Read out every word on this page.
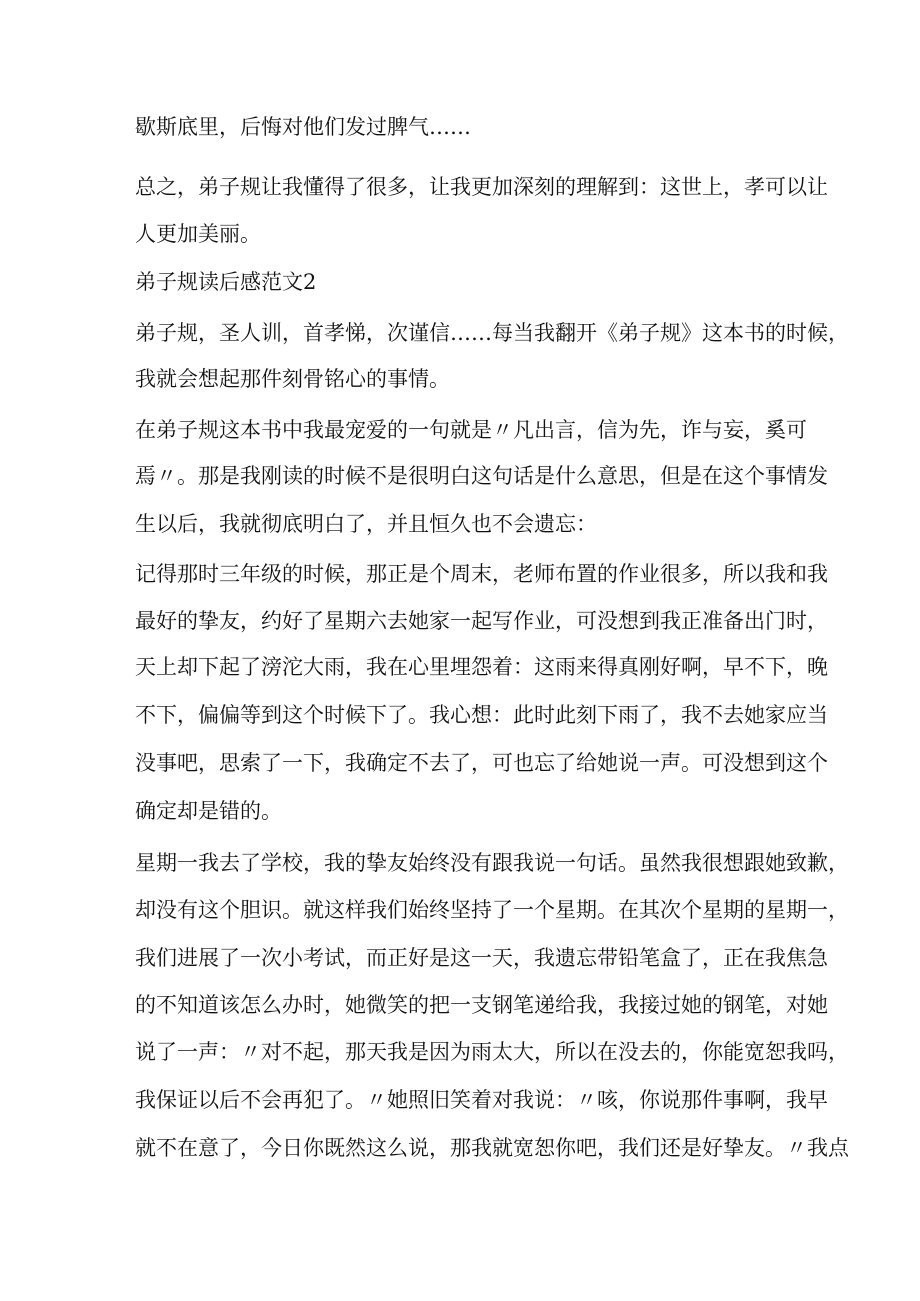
歇斯底里，后悔对他们发过脾气……

总之，弟子规让我懂得了很多，让我更加深刻的理解到：这世上，孝可以让

人更加美丽。

弟子规读后感范文2

弟子规，圣人训，首孝悌，次谨信……每当我翻开《弟子规》这本书的时候，

我就会想起那件刻骨铭心的事情。

在弟子规这本书中我最宠爱的一句就是〃凡出言，信为先，诈与妄，奚可

焉〃。那是我刚读的时候不是很明白这句话是什么意思，但是在这个事情发

生以后，我就彻底明白了，并且恒久也不会遗忘：

记得那时三年级的时候，那正是个周末，老师布置的作业很多，所以我和我

最好的挚友，约好了星期六去她家一起写作业，可没想到我正准备出门时，

天上却下起了滂沱大雨，我在心里埋怨着：这雨来得真刚好啊，早不下，晚

不下，偏偏等到这个时候下了。我心想：此时此刻下雨了，我不去她家应当

没事吧，思索了一下，我确定不去了，可也忘了给她说一声。可没想到这个

确定却是错的。

星期一我去了学校，我的挚友始终没有跟我说一句话。虽然我很想跟她致歉，

却没有这个胆识。就这样我们始终坚持了一个星期。在其次个星期的星期一，

我们进展了一次小考试，而正好是这一天，我遗忘带铅笔盒了，正在我焦急

的不知道该怎么办时，她微笑的把一支钢笔递给我，我接过她的钢笔，对她

说了一声：〃对不起，那天我是因为雨太大，所以在没去的，你能宽恕我吗，

我保证以后不会再犯了。〃她照旧笑着对我说：〃咳，你说那件事啊，我早

就不在意了，今日你既然这么说，那我就宽恕你吧，我们还是好挚友。〃我点
